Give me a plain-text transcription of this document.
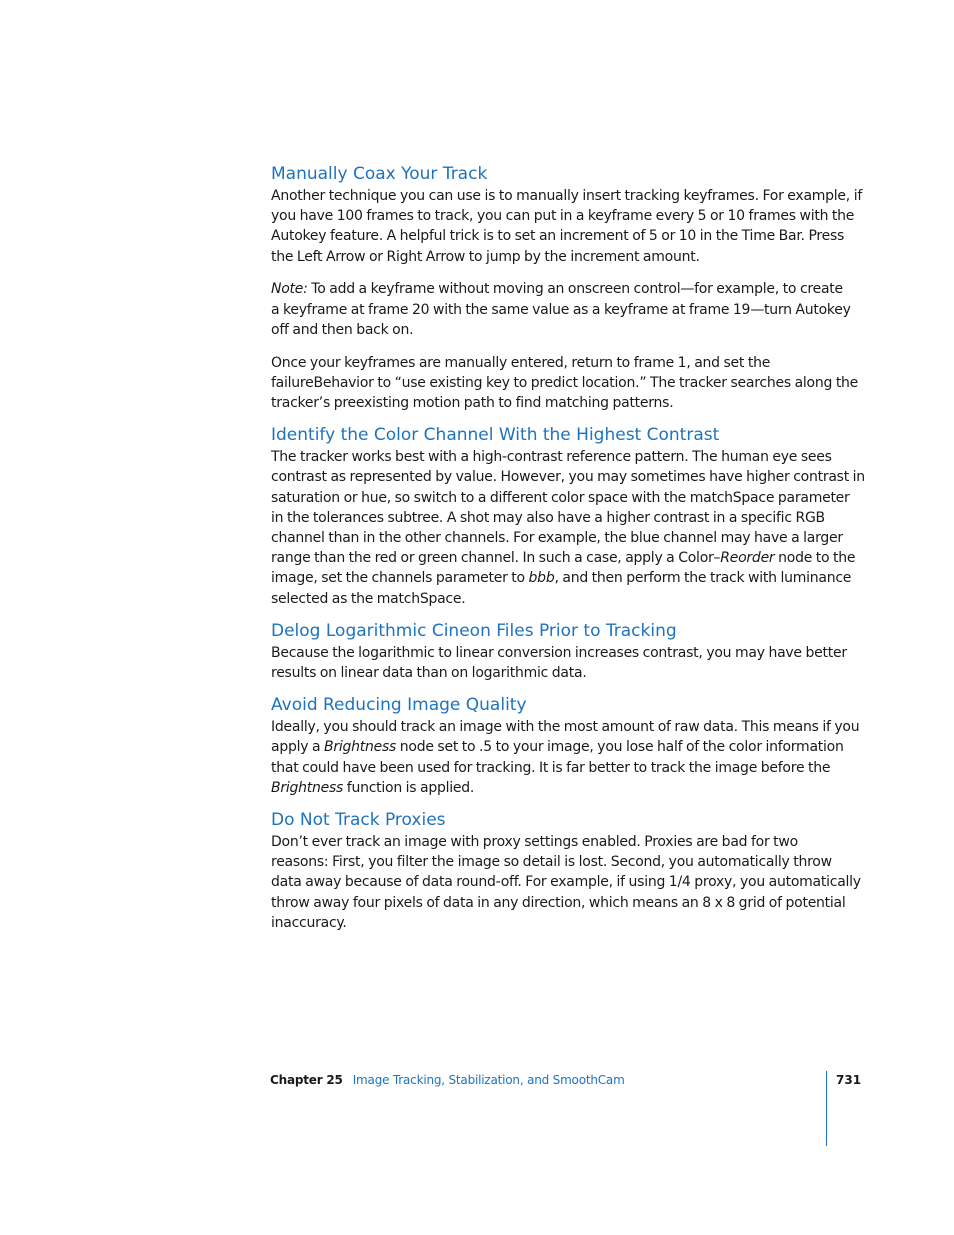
Manually Coax Your Track

Another technique you can use is to manually insert tracking keyframes. For example, if
you have 100 frames to track, you can put in a keyframe every 5 or 10 frames with the
Autokey feature. A helpful trick is to set an increment of 5 or 10 in the Time Bar. Press
the Left Arrow or Right Arrow to jump by the increment amount.

Note: To add a keyframe without moving an onscreen control—for example, to create
a keyframe at frame 20 with the same value as a keyframe at frame 19—turn Autokey
off and then back on.

Once your keyframes are manually entered, return to frame 1, and set the
failureBehavior to “use existing key to predict location.” The tracker searches along the
tracker’s preexisting motion path to find matching patterns.

Identify the Color Channel With the Highest Contrast

The tracker works best with a high-contrast reference pattern. The human eye sees
contrast as represented by value. However, you may sometimes have higher contrast in
saturation or hue, so switch to a different color space with the matchSpace parameter
in the tolerances subtree. A shot may also have a higher contrast in a specific RGB
channel than in the other channels. For example, the blue channel may have a larger
range than the red or green channel. In such a case, apply a Color–Reorder node to the
image, set the channels parameter to bbb, and then perform the track with luminance
selected as the matchSpace.

Delog Logarithmic Cineon Files Prior to Tracking

Because the logarithmic to linear conversion increases contrast, you may have better
results on linear data than on logarithmic data.

Avoid Reducing Image Quality

Ideally, you should track an image with the most amount of raw data. This means if you
apply a Brightness node set to .5 to your image, you lose half of the color information
that could have been used for tracking. It is far better to track the image before the
Brightness function is applied.

Do Not Track Proxies

Don’t ever track an image with proxy settings enabled. Proxies are bad for two
reasons: First, you filter the image so detail is lost. Second, you automatically throw
data away because of data round-off. For example, if using 1/4 proxy, you automatically
throw away four pixels of data in any direction, which means an 8 x 8 grid of potential
inaccuracy.

Chapter 25 Image Tracking, Stabilization, and SmoothCam	731
